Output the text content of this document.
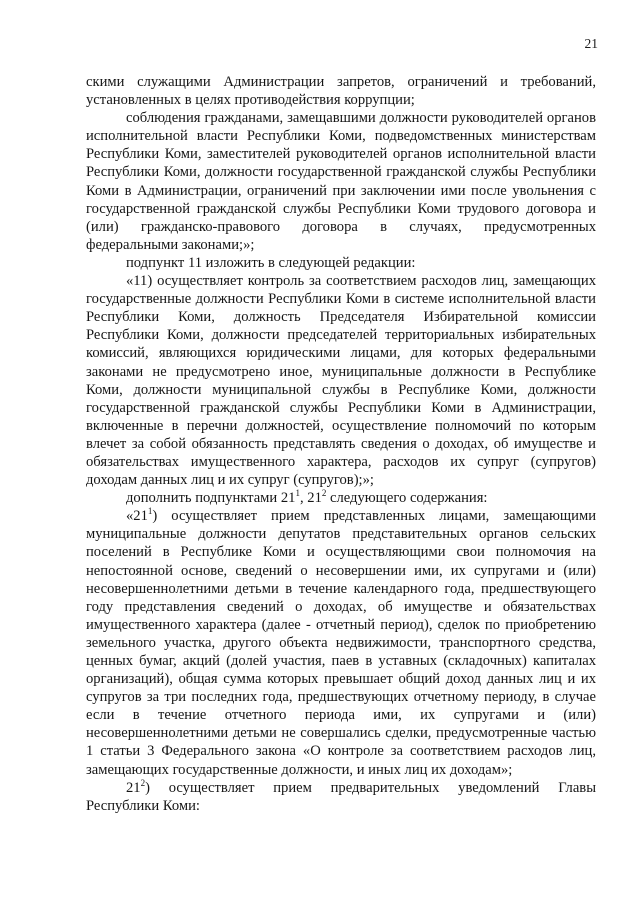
21

скими служащими Администрации запретов, ограничений и требований, установленных в целях противодействия коррупции;

соблюдения гражданами, замещавшими должности руководителей органов исполнительной власти Республики Коми, подведомственных министерствам Республики Коми, заместителей руководителей органов исполнительной власти Республики Коми, должности государственной гражданской службы Республики Коми в Администрации, ограничений при заключении ими после увольнения с государственной гражданской службы Республики Коми трудового договора и (или) гражданско-правового договора в случаях, предусмотренных федеральными законами;»;

подпункт 11 изложить в следующей редакции:

«11) осуществляет контроль за соответствием расходов лиц, замещающих государственные должности Республики Коми в системе исполнительной власти Республики Коми, должность Председателя Избирательной комиссии Республики Коми, должности председателей территориальных избирательных комиссий, являющихся юридическими лицами, для которых федеральными законами не предусмотрено иное, муниципальные должности в Республике Коми, должности муниципальной службы в Республике Коми, должности государственной гражданской службы Республики Коми в Администрации, включенные в перечни должностей, осуществление полномочий по которым влечет за собой обязанность представлять сведения о доходах, об имуществе и обязательствах имущественного характера, расходов их супруг (супругов) доходам данных лиц и их супруг (супругов);»;

дополнить подпунктами $21^1$, $21^2$ следующего содержания:

«$21^1$) осуществляет прием представленных лицами, замещающими муниципальные должности депутатов представительных органов сельских поселений в Республике Коми и осуществляющими свои полномочия на непостоянной основе, сведений о несовершении ими, их супругами и (или) несовершеннолетними детьми в течение календарного года, предшествующего году представления сведений о доходах, об имуществе и обязательствах имущественного характера (далее - отчетный период), сделок по приобретению земельного участка, другого объекта недвижимости, транспортного средства, ценных бумаг, акций (долей участия, паев в уставных (складочных) капиталах организаций), общая сумма которых превышает общий доход данных лиц и их супругов за три последних года, предшествующих отчетному периоду, в случае если в течение отчетного периода ими, их супругами и (или) несовершеннолетними детьми не совершались сделки, предусмотренные частью 1 статьи 3 Федерального закона «О контроле за соответствием расходов лиц, замещающих государственные должности, и иных лиц их доходам»;

$21^2$) осуществляет прием предварительных уведомлений Главы Республики Коми:
